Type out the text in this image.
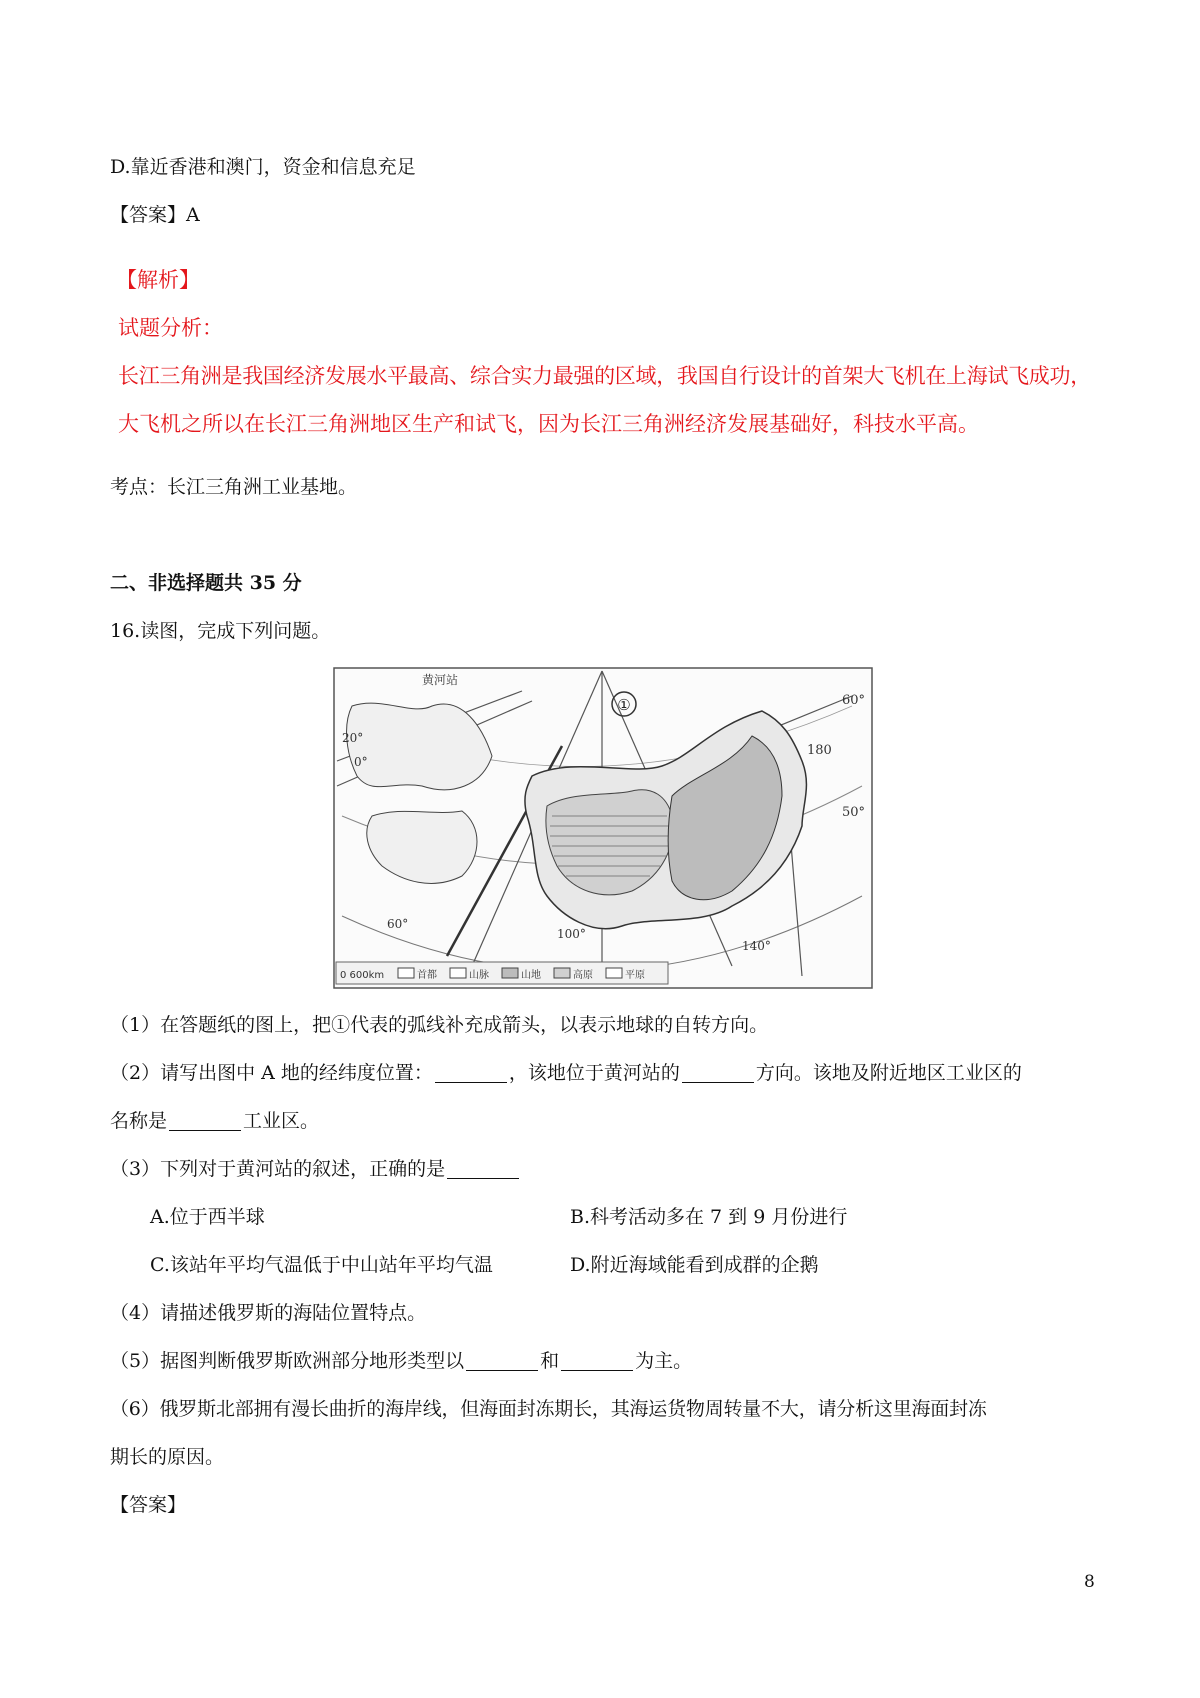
D.靠近香港和澳门，资金和信息充足
【答案】A
【解析】
试题分析：
长江三角洲是我国经济发展水平最高、综合实力最强的区域，我国自行设计的首架大飞机在上海试飞成功，
大飞机之所以在长江三角洲地区生产和试飞，因为长江三角洲经济发展基础好，科技水平高。
考点：长江三角洲工业基地。
二、非选择题共 35 分
16.读图，完成下列问题。
①
黄河站
60°
50°
180
20°
0°
100°
140°
60°
0 600km	首都	山脉	山地	高原	平原
（1）在答题纸的图上，把①代表的弧线补充成箭头，以表示地球的自转方向。
（2）请写出图中 A 地的经纬度位置：	，该地位于黄河站的	方向。该地及附近地区工业区的
名称是	工业区。
（3）下列对于黄河站的叙述，正确的是
A.位于西半球	B.科考活动多在 7 到 9 月份进行
C.该站年平均气温低于中山站年平均气温	D.附近海域能看到成群的企鹅
（4）请描述俄罗斯的海陆位置特点。
（5）据图判断俄罗斯欧洲部分地形类型以	和	为主。
（6）俄罗斯北部拥有漫长曲折的海岸线，但海面封冻期长，其海运货物周转量不大，请分析这里海面封冻
期长的原因。
【答案】
8
